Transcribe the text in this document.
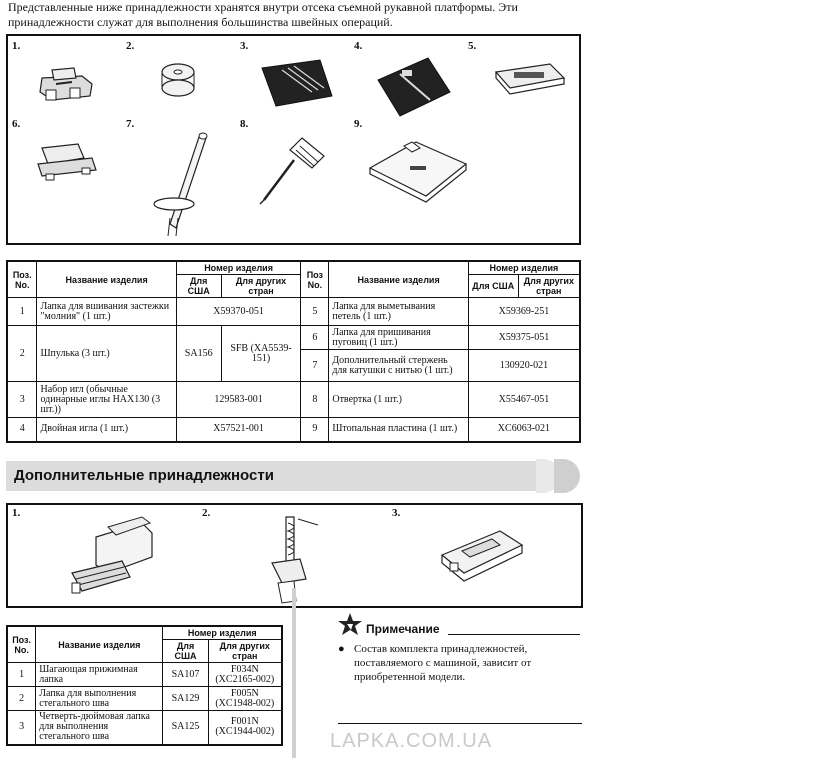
Представленные ниже принадлежности хранятся внутри отсека съемной рукавной платформы. Эти

принадлежности служат для выполнения большинства швейных операций.

1.	2.	3.	4.	5.
6.	7.	8.	9.
Поз. No.	Название изделия	Номер изделия		Поз No.	Название изделия	Номер изделия	
		Для США	Для других стран			Для США	Для других стран
1	Лапка для вшивания застежки "молния" (1 шт.)	X59370-051		5	Лапка для выметывания петель (1 шт.)	X59369-251	
2	Шпулька (3 шт.)	SA156	SFB (XA5539-151)	6	Лапка для пришивания пуговиц (1 шт.)	X59375-051	
				7	Дополнительный стержень для катушки с нитью (1 шт.)	130920-021	
3	Набор игл (обычные одинарные иглы HAX130 (3 шт.))	129583-001		8	Отвертка (1 шт.)	X55467-051	
4	Двойная игла (1 шт.)	X57521-001		9	Штопальная пластина (1 шт.)	XC6063-021	
Дополнительные принадлежности
1.	2.	3.
Поз. No.	Название изделия	Номер изделия	
		Для США	Для других стран
1	Шагающая прижимная лапка	SA107	F034N (XC2165-002)
2	Лапка для выполнения стегального шва	SA129	F005N (XC1948-002)
3	Четверть-дюймовая лапка для выполнения стегального шва	SA125	F001N (XC1944-002)
Примечание
● Состав комплекта принадлежностей, поставляемого с машиной, зависит от приобретенной модели.
LAPKA.COM.UA
